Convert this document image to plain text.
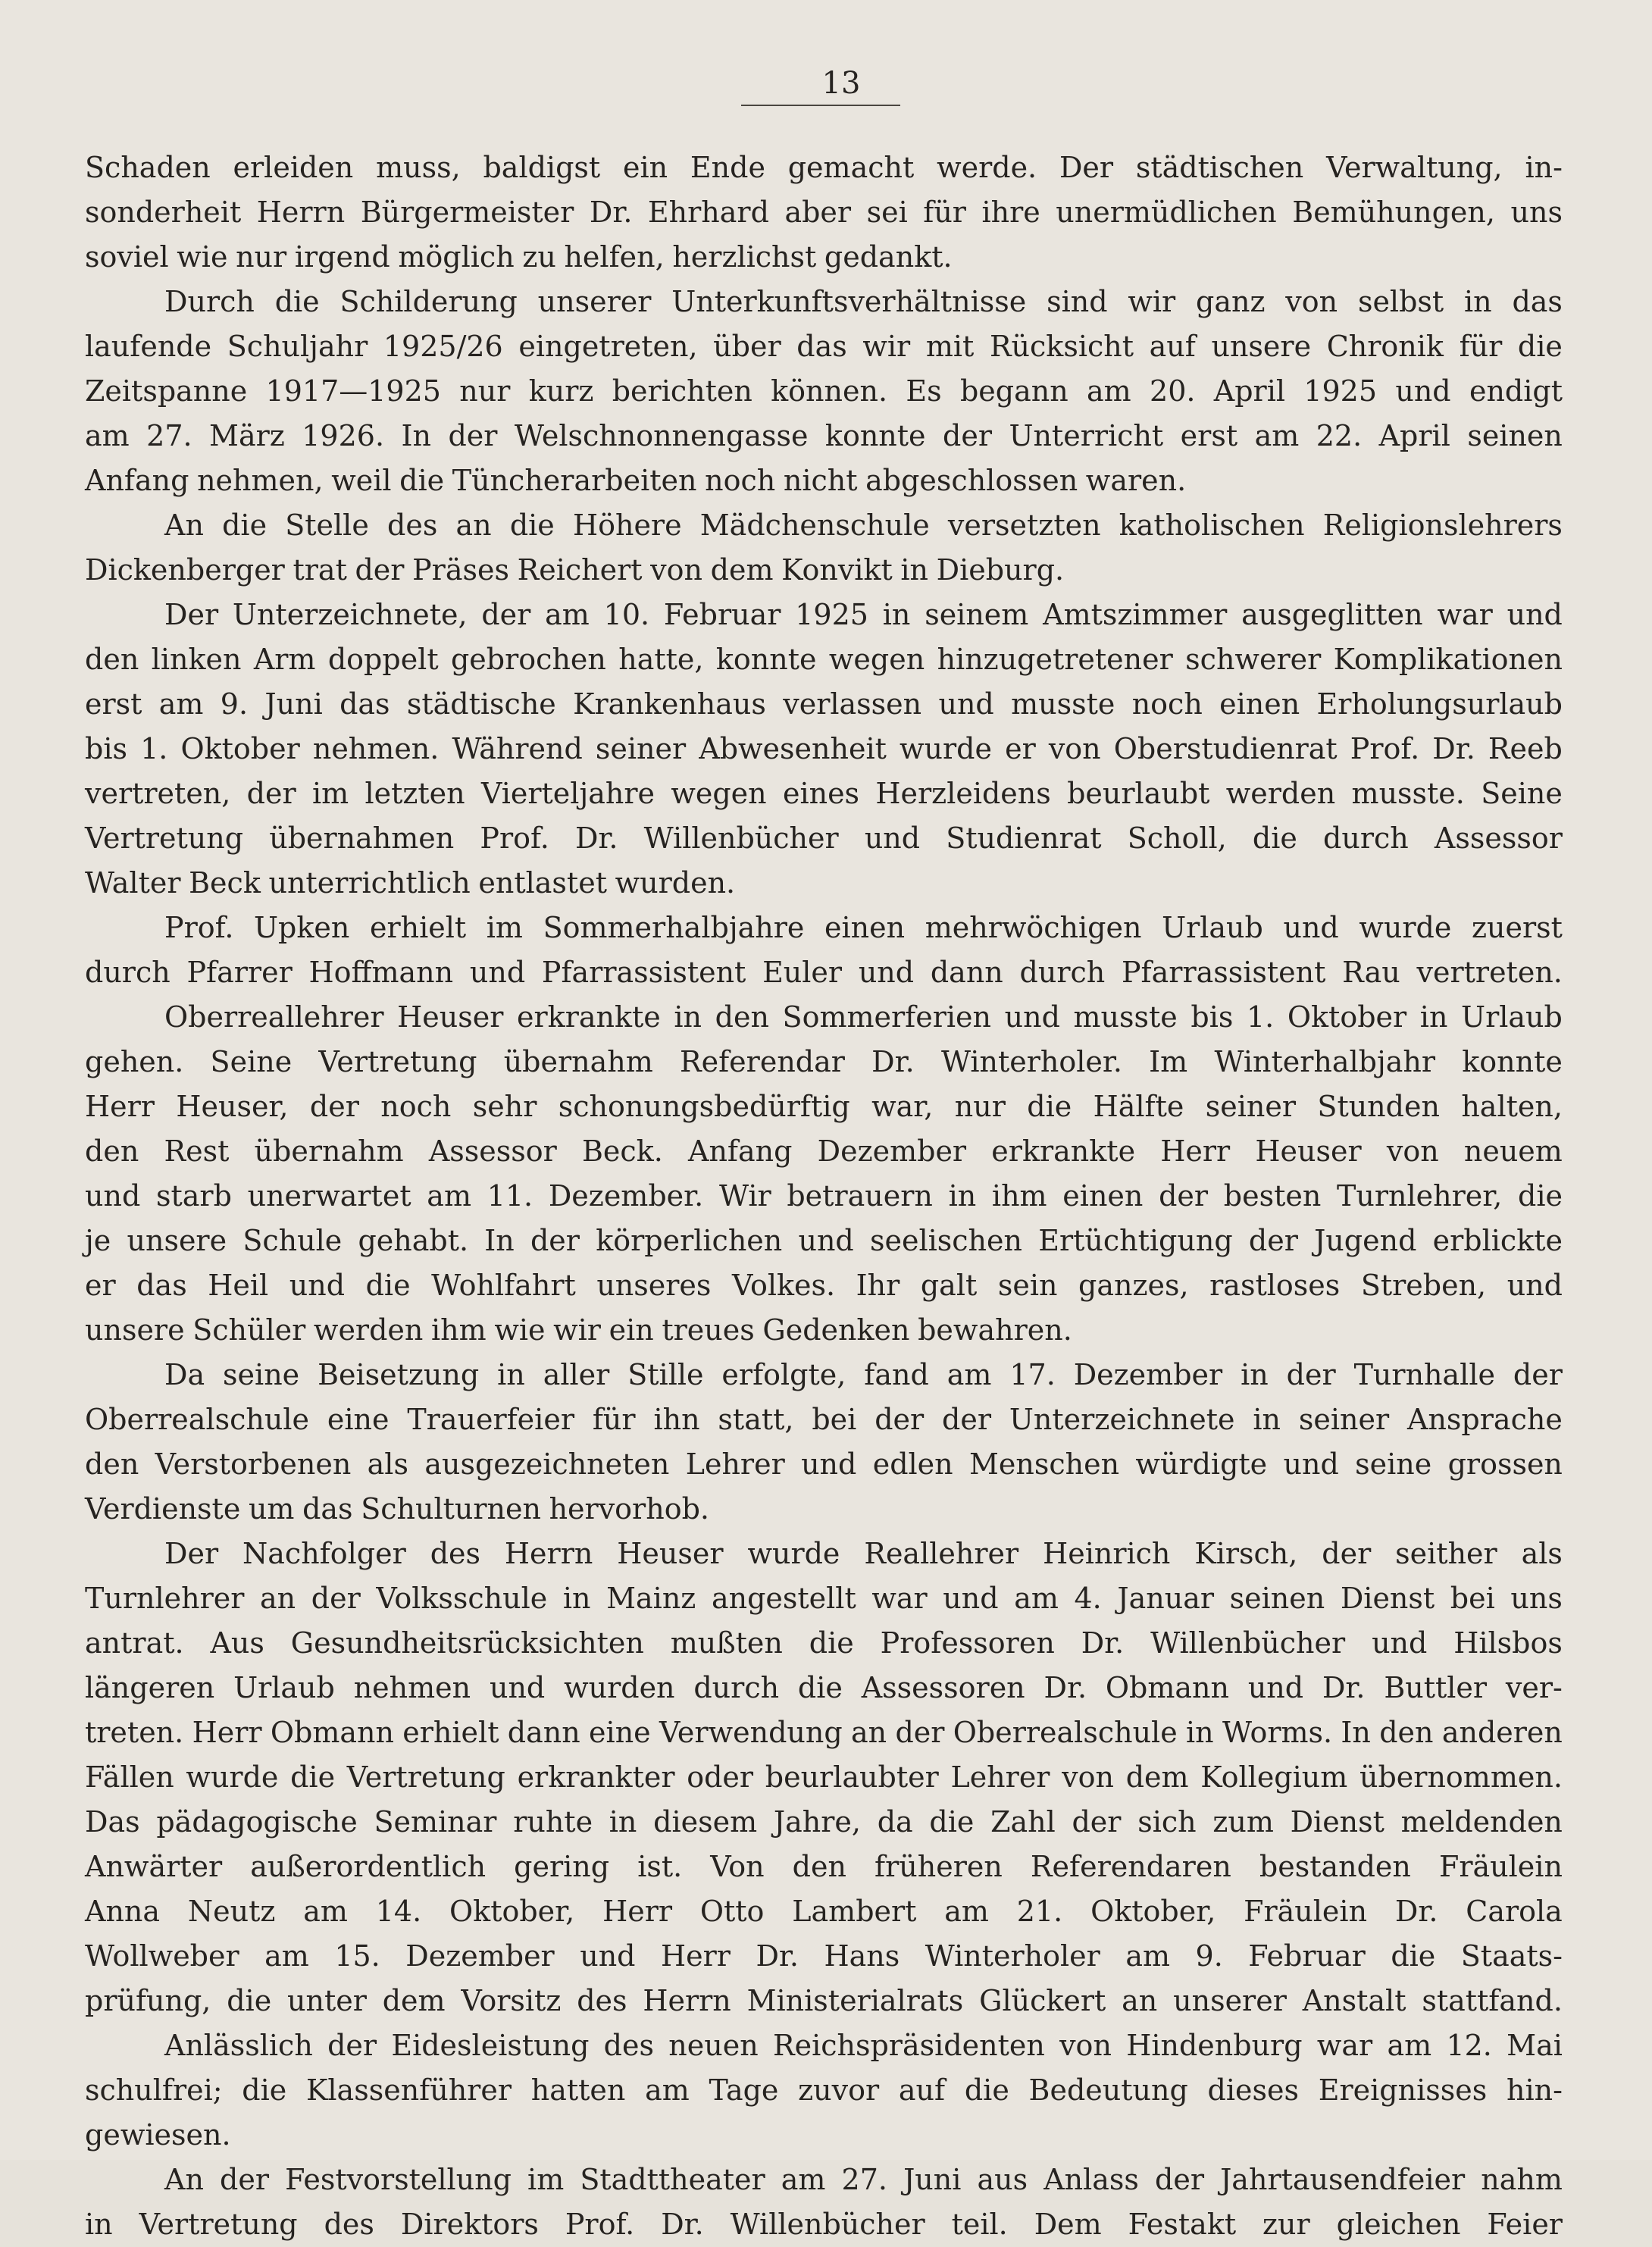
13
Schaden erleiden muss, baldigst ein Ende gemacht werde. Der städtischen Verwaltung, in-
sonderheit Herrn Bürgermeister Dr. Ehrhard aber sei für ihre unermüdlichen Bemühungen, uns
soviel wie nur irgend möglich zu helfen, herzlichst gedankt.
Durch die Schilderung unserer Unterkunftsverhältnisse sind wir ganz von selbst in das
laufende Schuljahr 1925/26 eingetreten, über das wir mit Rücksicht auf unsere Chronik für die
Zeitspanne 1917—1925 nur kurz berichten können. Es begann am 20. April 1925 und endigt
am 27. März 1926. In der Welschnonnengasse konnte der Unterricht erst am 22. April seinen
Anfang nehmen, weil die Tüncherarbeiten noch nicht abgeschlossen waren.
An die Stelle des an die Höhere Mädchenschule versetzten katholischen Religionslehrers
Dickenberger trat der Präses Reichert von dem Konvikt in Dieburg.
Der Unterzeichnete, der am 10. Februar 1925 in seinem Amtszimmer ausgeglitten war und
den linken Arm doppelt gebrochen hatte, konnte wegen hinzugetretener schwerer Komplikationen
erst am 9. Juni das städtische Krankenhaus verlassen und musste noch einen Erholungsurlaub
bis 1. Oktober nehmen. Während seiner Abwesenheit wurde er von Oberstudienrat Prof. Dr. Reeb
vertreten, der im letzten Vierteljahre wegen eines Herzleidens beurlaubt werden musste. Seine
Vertretung übernahmen Prof. Dr. Willenbücher und Studienrat Scholl, die durch Assessor
Walter Beck unterrichtlich entlastet wurden.
Prof. Upken erhielt im Sommerhalbjahre einen mehrwöchigen Urlaub und wurde zuerst
durch Pfarrer Hoffmann und Pfarrassistent Euler und dann durch Pfarrassistent Rau vertreten.
Oberreallehrer Heuser erkrankte in den Sommerferien und musste bis 1. Oktober in Urlaub
gehen. Seine Vertretung übernahm Referendar Dr. Winterholer. Im Winterhalbjahr konnte
Herr Heuser, der noch sehr schonungsbedürftig war, nur die Hälfte seiner Stunden halten,
den Rest übernahm Assessor Beck. Anfang Dezember erkrankte Herr Heuser von neuem
und starb unerwartet am 11. Dezember. Wir betrauern in ihm einen der besten Turnlehrer, die
je unsere Schule gehabt. In der körperlichen und seelischen Ertüchtigung der Jugend erblickte
er das Heil und die Wohlfahrt unseres Volkes. Ihr galt sein ganzes, rastloses Streben, und
unsere Schüler werden ihm wie wir ein treues Gedenken bewahren.
Da seine Beisetzung in aller Stille erfolgte, fand am 17. Dezember in der Turnhalle der
Oberrealschule eine Trauerfeier für ihn statt, bei der der Unterzeichnete in seiner Ansprache
den Verstorbenen als ausgezeichneten Lehrer und edlen Menschen würdigte und seine grossen
Verdienste um das Schulturnen hervorhob.
Der Nachfolger des Herrn Heuser wurde Reallehrer Heinrich Kirsch, der seither als
Turnlehrer an der Volksschule in Mainz angestellt war und am 4. Januar seinen Dienst bei uns
antrat. Aus Gesundheitsrücksichten mußten die Professoren Dr. Willenbücher und Hilsbos
längeren Urlaub nehmen und wurden durch die Assessoren Dr. Obmann und Dr. Buttler ver-
treten. Herr Obmann erhielt dann eine Verwendung an der Oberrealschule in Worms. In den anderen
Fällen wurde die Vertretung erkrankter oder beurlaubter Lehrer von dem Kollegium übernommen.
Das pädagogische Seminar ruhte in diesem Jahre, da die Zahl der sich zum Dienst meldenden
Anwärter außerordentlich gering ist. Von den früheren Referendaren bestanden Fräulein
Anna Neutz am 14. Oktober, Herr Otto Lambert am 21. Oktober, Fräulein Dr. Carola
Wollweber am 15. Dezember und Herr Dr. Hans Winterholer am 9. Februar die Staats-
prüfung, die unter dem Vorsitz des Herrn Ministerialrats Glückert an unserer Anstalt stattfand.
Anlässlich der Eidesleistung des neuen Reichspräsidenten von Hindenburg war am 12. Mai
schulfrei; die Klassenführer hatten am Tage zuvor auf die Bedeutung dieses Ereignisses hin-
gewiesen.
An der Festvorstellung im Stadttheater am 27. Juni aus Anlass der Jahrtausendfeier nahm
in Vertretung des Direktors Prof. Dr. Willenbücher teil. Dem Festakt zur gleichen Feier
